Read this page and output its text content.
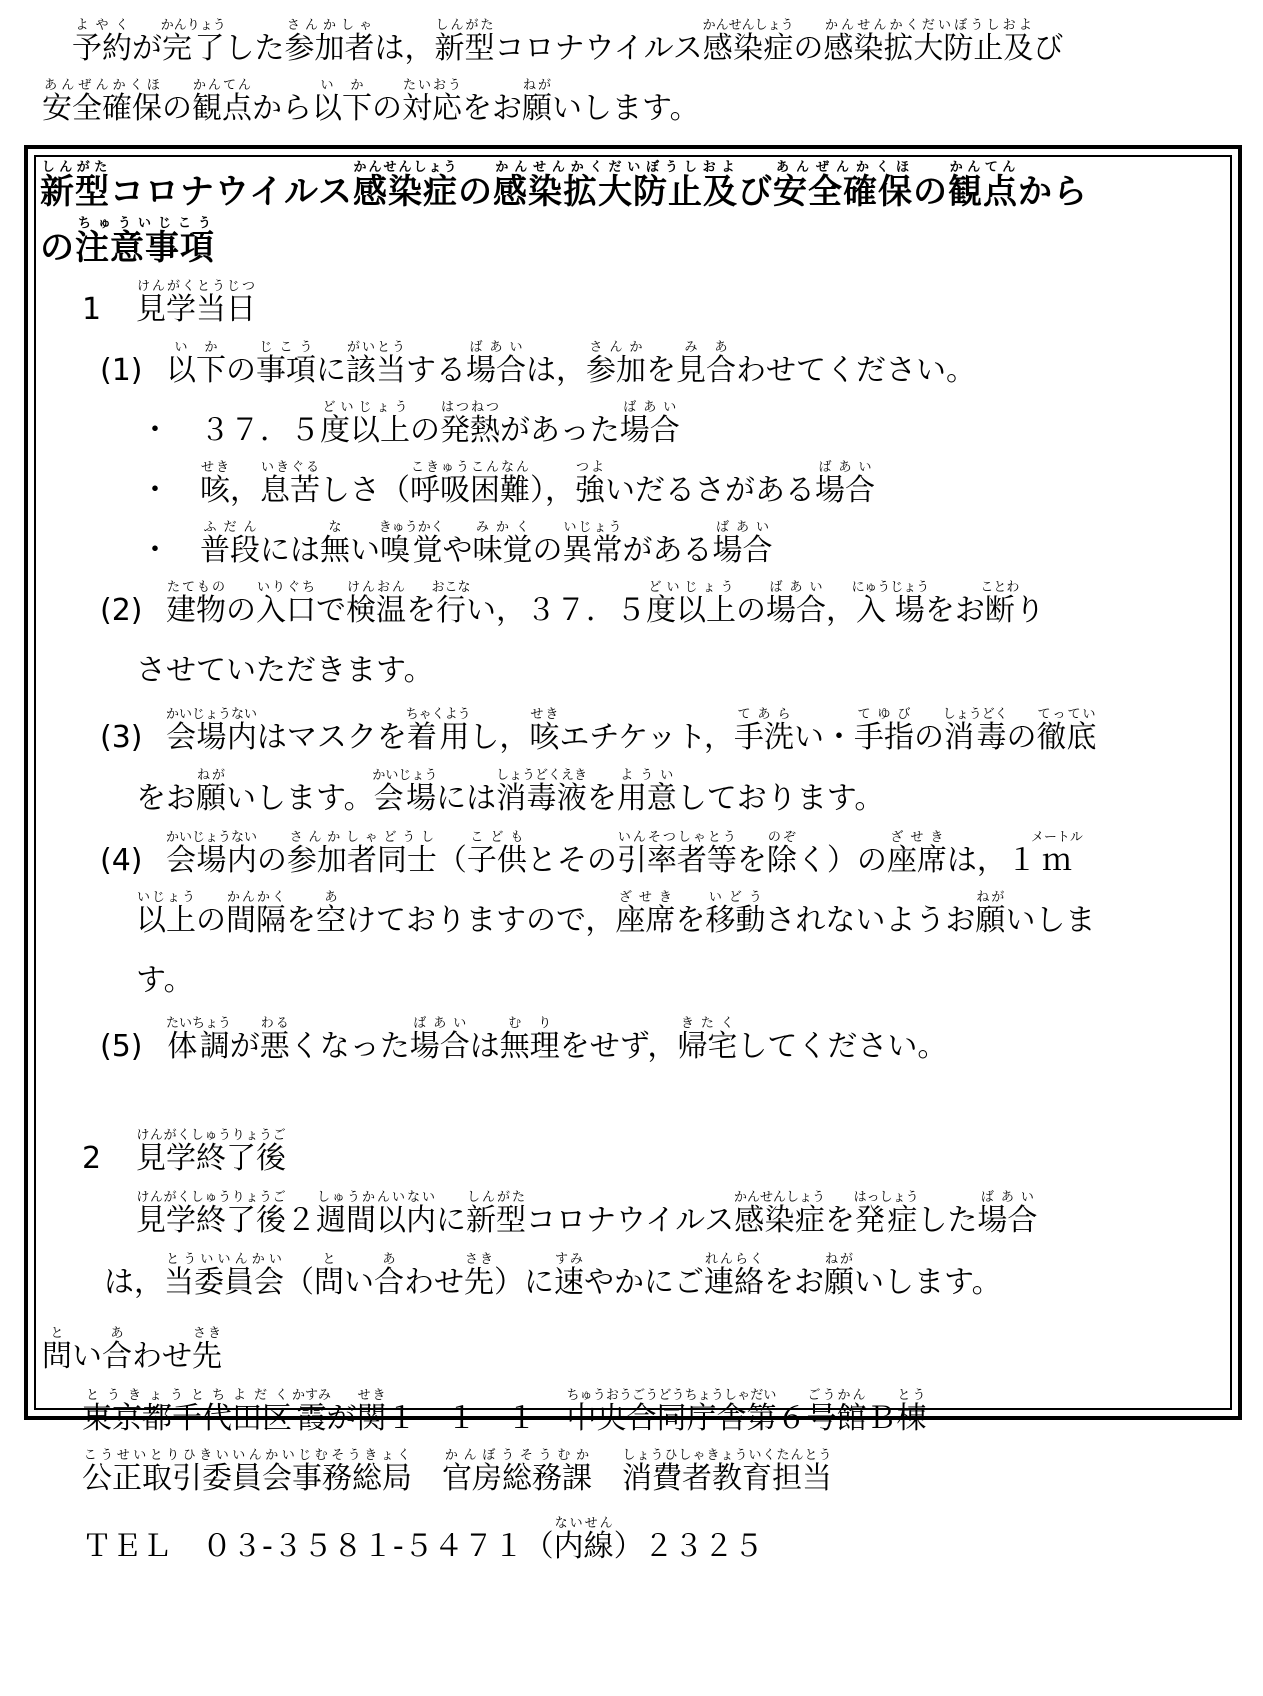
予約よやくが完了かんりょうした参加者さんかしゃは，新型しんがたコロナウイルス感染症かんせんしょうの感染拡大防止及かんせんかくだいぼうしおよび
安全確保あんぜんかくほの観点かんてんから以下いかの対応たいおうをお願ねがいします。
新型しんがたコロナウイルス感染症かんせんしょうの感染拡大防止及かんせんかくだいぼうしおよび安全確保あんぜんかくほの観点かんてんから
の注意事項ちゅういじこう
1 見学当日けんがくとうじつ
(1) 以下いかの事項じこうに該当がいとうする場合ばあいは，参加さんかを見合みあわせてください。
・　３７．５度以上どいじょうの発熱はつねつがあった場合ばあい
・　咳せき，息苦いきぐるしさ（呼吸困難こきゅうこんなん），強つよいだるさがある場合ばあい
・　普段ふだんには無ない嗅覚きゅうかくや味覚みかくの異常いじょうがある場合ばあい
(2) 建物たてものの入口いりぐちで検温けんおんを行おこない，３７．５度以上どいじょうの場合ばあい，入場にゅうじょうをお断ことわり
させていただきます。
(3) 会場内かいじょうないはマスクを着用ちゃくようし，咳せきエチケット，手洗てあらい・手指てゆびの消毒しょうどくの徹底てってい
をお願ねがいします。会場かいじょうには消毒液しょうどくえきを用意よういしております。
(4) 会場内かいじょうないの参加者同士さんかしゃどうし（子供こどもとその引率者等いんそつしゃとうを除のぞく）の座席ざせきは，１ｍメートル
以上いじょうの間隔かんかくを空あけておりますので，座席ざせきを移動いどうされないようお願ねがいしま
す。
(5) 体調たいちょうが悪わるくなった場合ばあいは無理むりをせず，帰宅きたくしてください。
2 見学終了後けんがくしゅうりょうご
見学終了後けんがくしゅうりょうご２週間以内しゅうかんいないに新型しんがたコロナウイルス感染症かんせんしょうを発症はっしょうした場合ばあい
は，当委員会とういいんかい（問とい合あわせ先さき）に速すみやかにご連絡れんらくをお願ねがいします。
問とい合あわせ先さき
東京都千代田区とうきょうとちよだく霞かすみが関せき１－１－１　中央合同庁舎第ちゅうおうごうどうちょうしゃだい６号館ごうかんＢ棟とう
公正取引委員会事務総局こうせいとりひきいいんかいじむそうきょく　官房総務課かんぼうそうむか　消費者教育担当しょうひしゃきょういくたんとう
ＴＥＬ　０３-３５８１-５４７１（内線ないせん）２３２５
